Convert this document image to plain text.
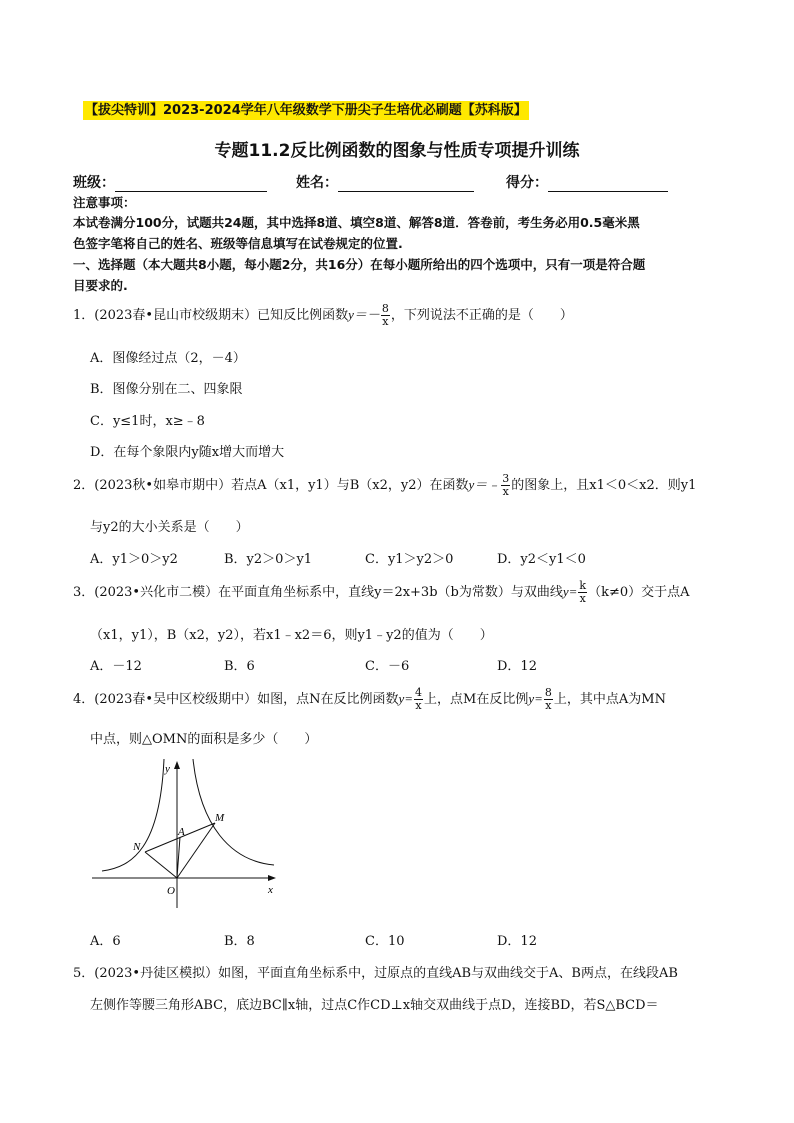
【拔尖特训】2023-2024学年八年级数学下册尖子生培优必刷题【苏科版】
专题11.2反比例函数的图象与性质专项提升训练
班级：	姓名：	得分：
注意事项：
本试卷满分100分，试题共24题，其中选择8道、填空8道、解答8道．答卷前，考生务必用0.5毫米黑
色签字笔将自己的姓名、班级等信息填写在试卷规定的位置.
一、选择题（本大题共8小题，每小题2分，共16分）在每小题所给出的四个选项中，只有一项是符合题
目要求的.
1．(2023春•昆山市校级期末）已知反比例函数$y=- \frac{8}{x}$ ，下列说法不正确的是（　　）
A．图像经过点（2，－4）
B．图像分别在二、四象限
C．y≤1时，x≥﹣8
D．在每个象限内y随x增大而增大
2．(2023秋•如皋市期中）若点A（x1，y1）与B（x2，y2）在函数y＝﹣ $\frac{3}{x}$ 的图象上，且x1＜0＜x2．则y1
与y2的大小关系是（　　）
A．y1＞0＞y2	B．y2＞0＞y1	C．y1＞y2＞0	D．y2＜y1＜0
3．(2023•兴化市二模）在平面直角坐标系中，直线y＝2x+3b（b为常数）与双曲线$y= \frac{k}{x} (k\ne 0)$交于点A
（x1，y1），B（x2，y2），若x1﹣x2＝6，则y1﹣y2的值为（　　）
A．－12	B．6	C．－6	D．12
4．(2023春•吴中区校级期中）如图，点N在反比例函数$y= \frac{4}{x}$ 上，点M在反比例$y= \frac{8}{x}$ 上，其中点A为MN
中点，则△OMN的面积是多少（　　）
y
x
O
A
M
N
A．6	B．8	C．10	D．12
5．(2023•丹徒区模拟）如图，平面直角坐标系中，过原点的直线AB与双曲线交于A、B两点，在线段AB
左侧作等腰三角形ABC，底边BC∥x轴，过点C作CD⊥x轴交双曲线于点D，连接BD，若S△BCD＝
